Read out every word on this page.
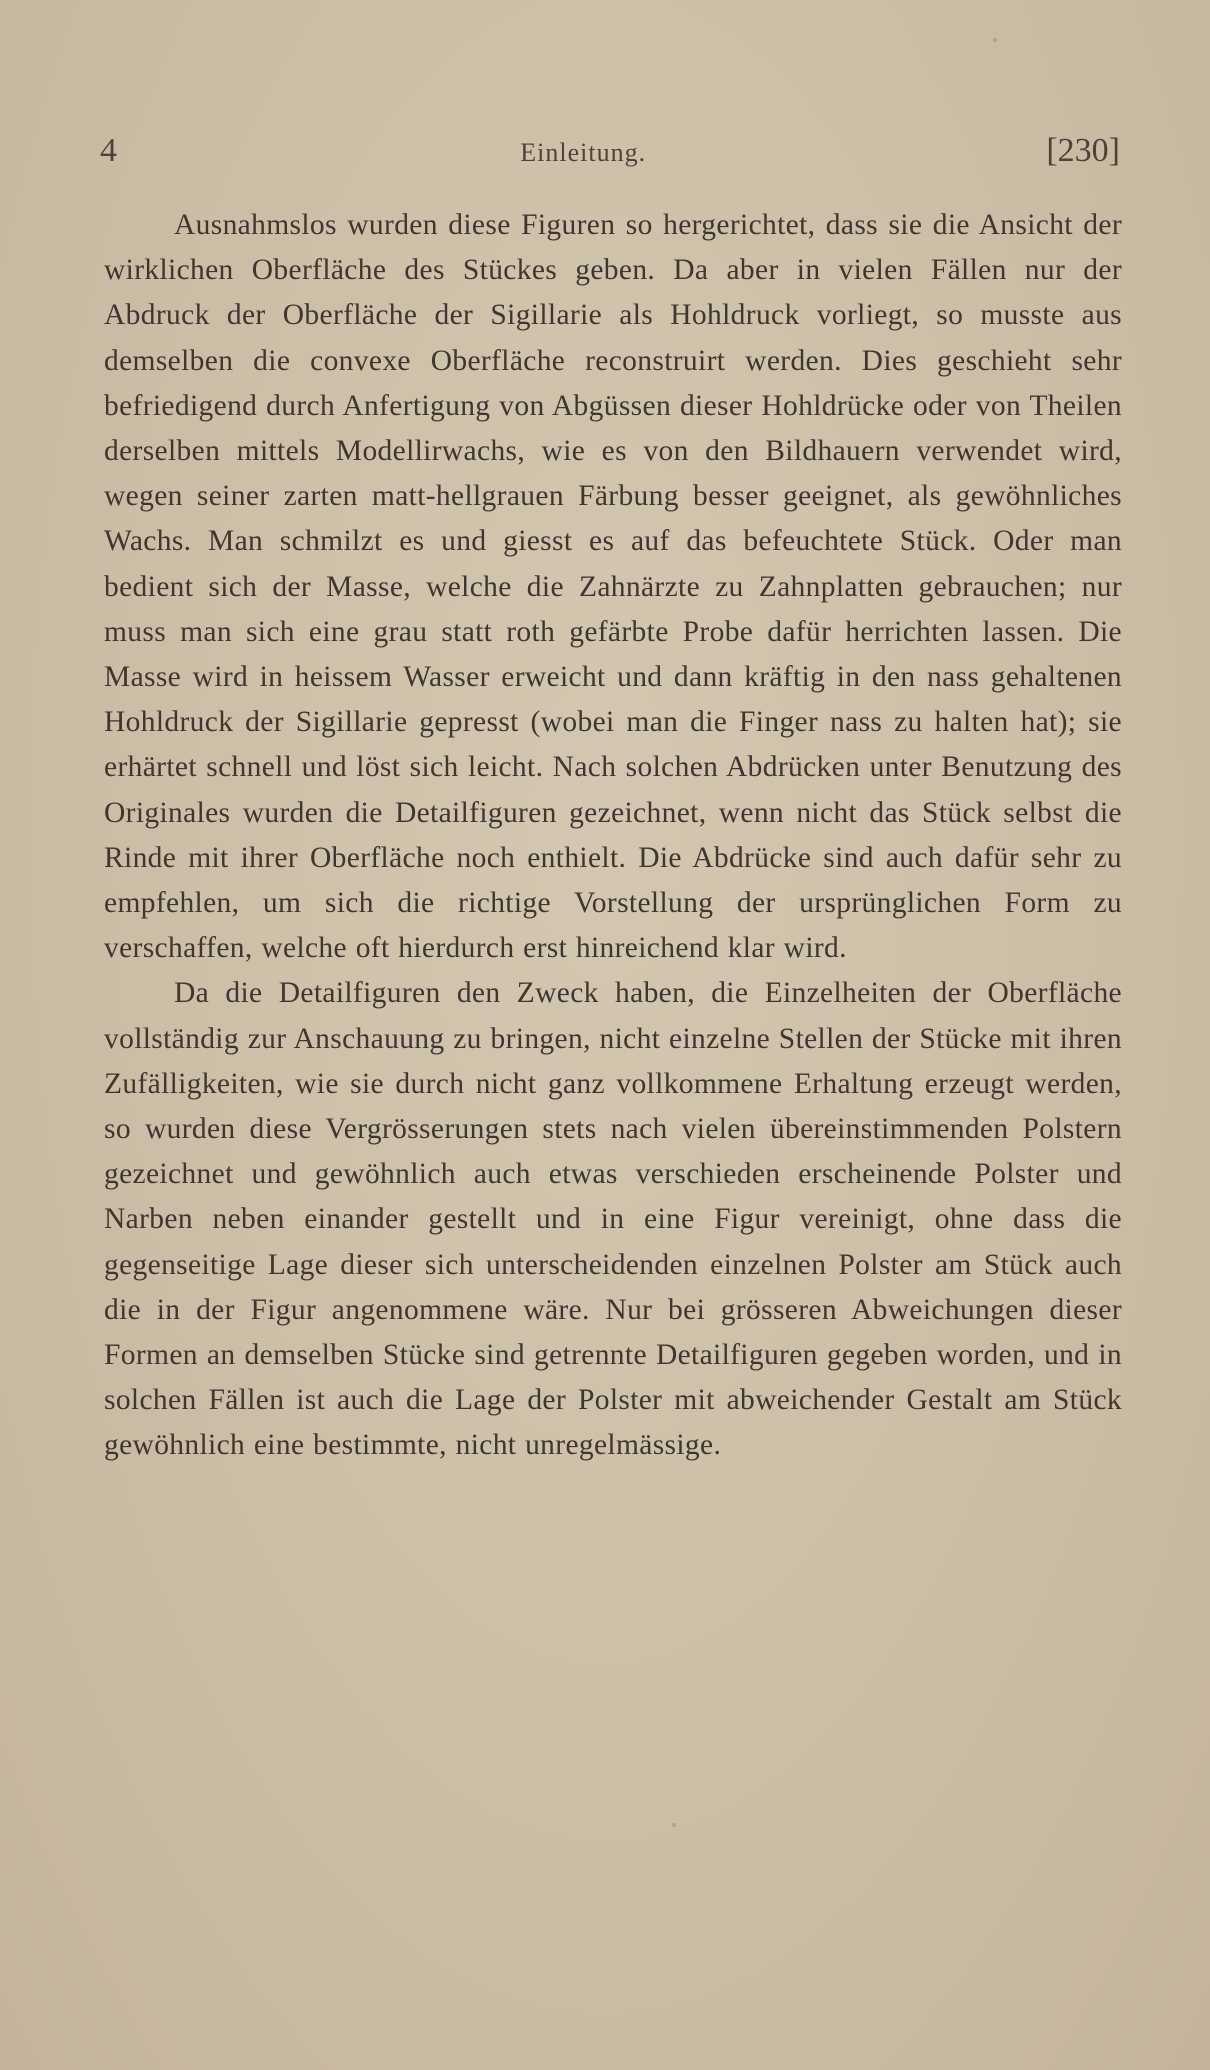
4	Einleitung.	[230]

Ausnahmslos wurden diese Figuren so hergerichtet, dass sie die Ansicht der wirklichen Oberfläche des Stückes geben. Da aber in vielen Fällen nur der Abdruck der Oberfläche der Sigillarie als Hohldruck vorliegt, so musste aus demselben die convexe Oberfläche reconstruirt werden. Dies geschieht sehr befriedigend durch Anfertigung von Abgüssen dieser Hohldrücke oder von Theilen derselben mittels Modellirwachs, wie es von den Bildhauern verwendet wird, wegen seiner zarten matt-hellgrauen Färbung besser geeignet, als gewöhnliches Wachs. Man schmilzt es und giesst es auf das befeuchtete Stück. Oder man bedient sich der Masse, welche die Zahnärzte zu Zahnplatten gebrauchen; nur muss man sich eine grau statt roth gefärbte Probe dafür herrichten lassen. Die Masse wird in heissem Wasser erweicht und dann kräftig in den nass gehaltenen Hohldruck der Sigillarie gepresst (wobei man die Finger nass zu halten hat); sie erhärtet schnell und löst sich leicht. Nach solchen Abdrücken unter Benutzung des Originales wurden die Detailfiguren gezeichnet, wenn nicht das Stück selbst die Rinde mit ihrer Oberfläche noch enthielt. Die Abdrücke sind auch dafür sehr zu empfehlen, um sich die richtige Vorstellung der ursprünglichen Form zu verschaffen, welche oft hierdurch erst hinreichend klar wird.

Da die Detailfiguren den Zweck haben, die Einzelheiten der Oberfläche vollständig zur Anschauung zu bringen, nicht einzelne Stellen der Stücke mit ihren Zufälligkeiten, wie sie durch nicht ganz vollkommene Erhaltung erzeugt werden, so wurden diese Vergrösserungen stets nach vielen übereinstimmenden Polstern gezeichnet und gewöhnlich auch etwas verschieden erscheinende Polster und Narben neben einander gestellt und in eine Figur vereinigt, ohne dass die gegenseitige Lage dieser sich unterscheidenden einzelnen Polster am Stück auch die in der Figur angenommene wäre. Nur bei grösseren Abweichungen dieser Formen an demselben Stücke sind getrennte Detailfiguren gegeben worden, und in solchen Fällen ist auch die Lage der Polster mit abweichender Gestalt am Stück gewöhnlich eine bestimmte, nicht unregelmässige.
